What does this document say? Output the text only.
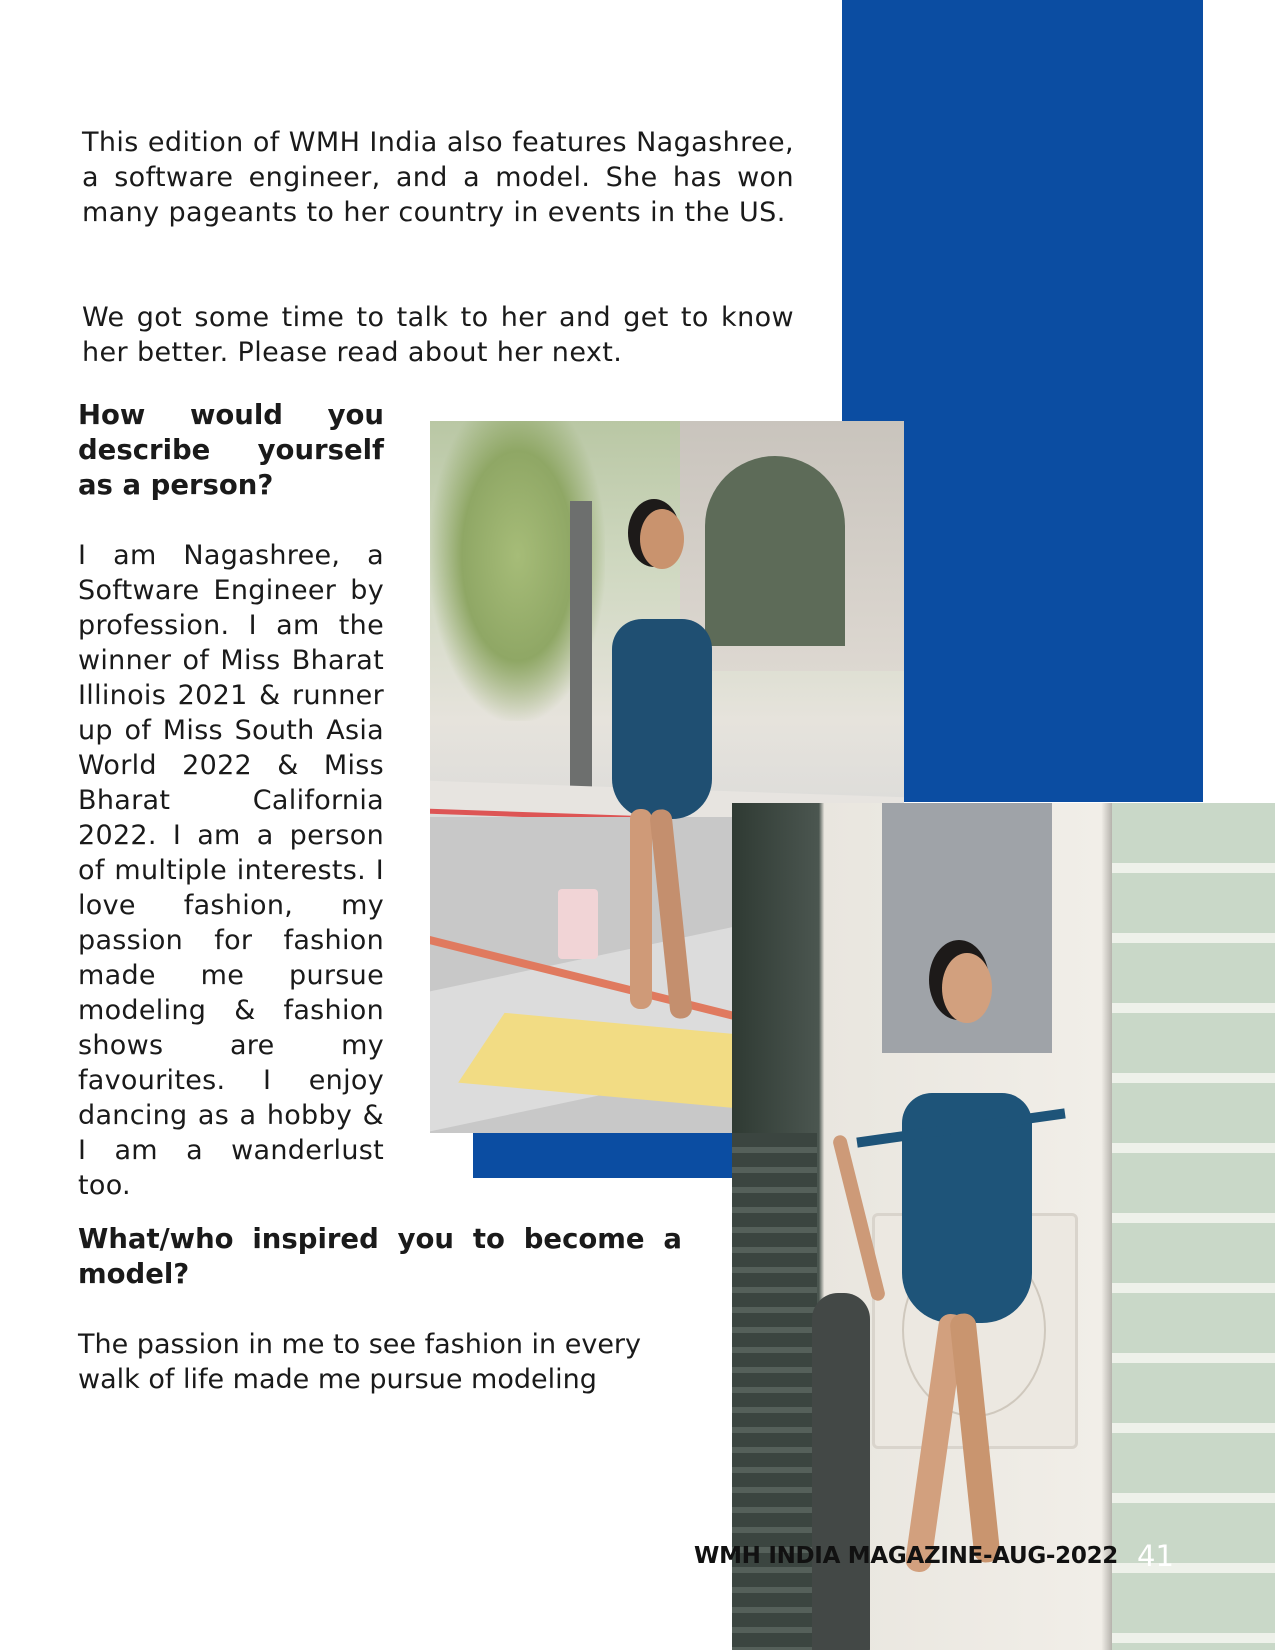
This edition of WMH India also features Nagashree, a software engineer, and a model. She has won many pageants to her country in events in the US.

We got some time to talk to her and get to know her better. Please read about her next.

How would you describe yourself as a person?

I am Nagashree, a Software Engineer by profession. I am the winner of Miss Bharat Illinois 2021 & runner up of Miss South Asia World 2022 & Miss Bharat California 2022. I am a person of multiple interests. I love fashion, my passion for fashion made me pursue modeling & fashion shows are my favourites. I enjoy dancing as a hobby & I am a wanderlust too.

What/who inspired you to become a model?

The passion in me to see fashion in every walk of life made me pursue modeling

WMH INDIA MAGAZINE-AUG-2022 41
